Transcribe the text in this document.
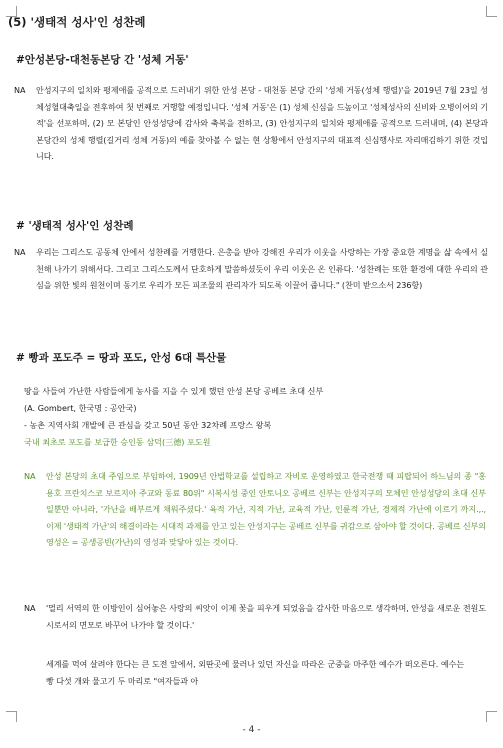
(5) '생태적 성사'인 성찬례
#안성본당-대천동본당 간 '성체 거동'
NA 안성지구의 일치와 평제애를 공적으로 드러내기 위한 안성 본당 - 대천동 본당 간의 '성체 거동(성체 행렬)'을 2019년 7월 23일 성체성혈대축일을 전후하여 첫 번째로 거행할 예정입니다. '성체 거동'은 (1) 성체 신심을 드높이고 '성체성사의 신비와 오병이어의 기적'을 선포하며, (2) 모 본당인 안성성당에 감사와 축복을 전하고, (3) 안성지구의 일치와 평제애를 공적으로 드러내며, (4) 본당과 본당간의 성체 행렬(길거리 성체 거동)의 예를 찾아볼 수 없는 현 상황에서 안성지구의 대표적 신심행사로 자리매김하기 위한 것입니다.
# '생태적 성사'인 성찬례
NA 우리는 그리스도 공동체 안에서 성찬례를 거행한다. 은총을 받아 강해진 우리가 이웃을 사랑하는 가장 중요한 계명을 삶 속에서 실천해 나가기 위해서다. 그리고 그리스도께서 단호하게 말씀하셨듯이 우리 이웃은 온 인류다. '성찬례는 또한 환경에 대한 우리의 관심을 위한 빛의 원천이며 동기로 우리가 모든 피조물의 관리자가 되도록 이끌어 줍니다." (찬미 받으소서 236항)
# 빵과 포도주 = 땅과 포도, 안성 6대 특산물
땅을 사들여 가난한 사람들에게 농사를 지을 수 있게 했던 안성 본당 공베르 초대 신부
(A. Gombert, 한국명 : 공안국)
- 농촌 지역사회 개발에 큰 관심을 갖고 50년 동안 32차례 프랑스 왕복
국내 최초로 포도를 보급한 승인동 삼덕(三德) 포도원
NA 안성 본당의 초대 주임으로 부임하여, 1909년 안법학교를 설립하고 자비로 운영하였고 한국전쟁 때 피랍되어 하느님의 종 "홍용호 프란치스코 보르지아 주교와 동료 80위" 시복시성 중인 안토니오 공베르 신부는 안성지구의 모체인 안성성당의 초대 신부일뿐만 아니라, '가난을 배부르게 채워주셨다.' 육적 가난, 지적 가난, 교육적 가난, 인륜적 가난, 경제적 가난에 이르기 까지.,., 이제 '생태적 가난'의 해결이라는 시대적 과제를 안고 있는 안성지구는 공베르 신부를 귀감으로 삼아야 할 것이다. 공베르 신부의 영성은 = 공생공빈(가난)의 영성과 맞닿아 있는 것이다.
NA '멀리 서역의 한 이방인이 심어놓은 사랑의 씨앗이 이제 꽃을 피우게 되었음을 감사한 마음으로 생각하며, 안성을 새로운 전원도시로서의 면모로 바꾸어 나가야 할 것이다.'
세계를 먹여 살려야 한다는 큰 도전 앞에서, 외딴곳에 물러나 있던 자신을 따라온 군중을 마주한 예수가 떠오른다. 예수는 빵 다섯 개와 물고기 두 마리로 "여자들과 아
- 4 -
